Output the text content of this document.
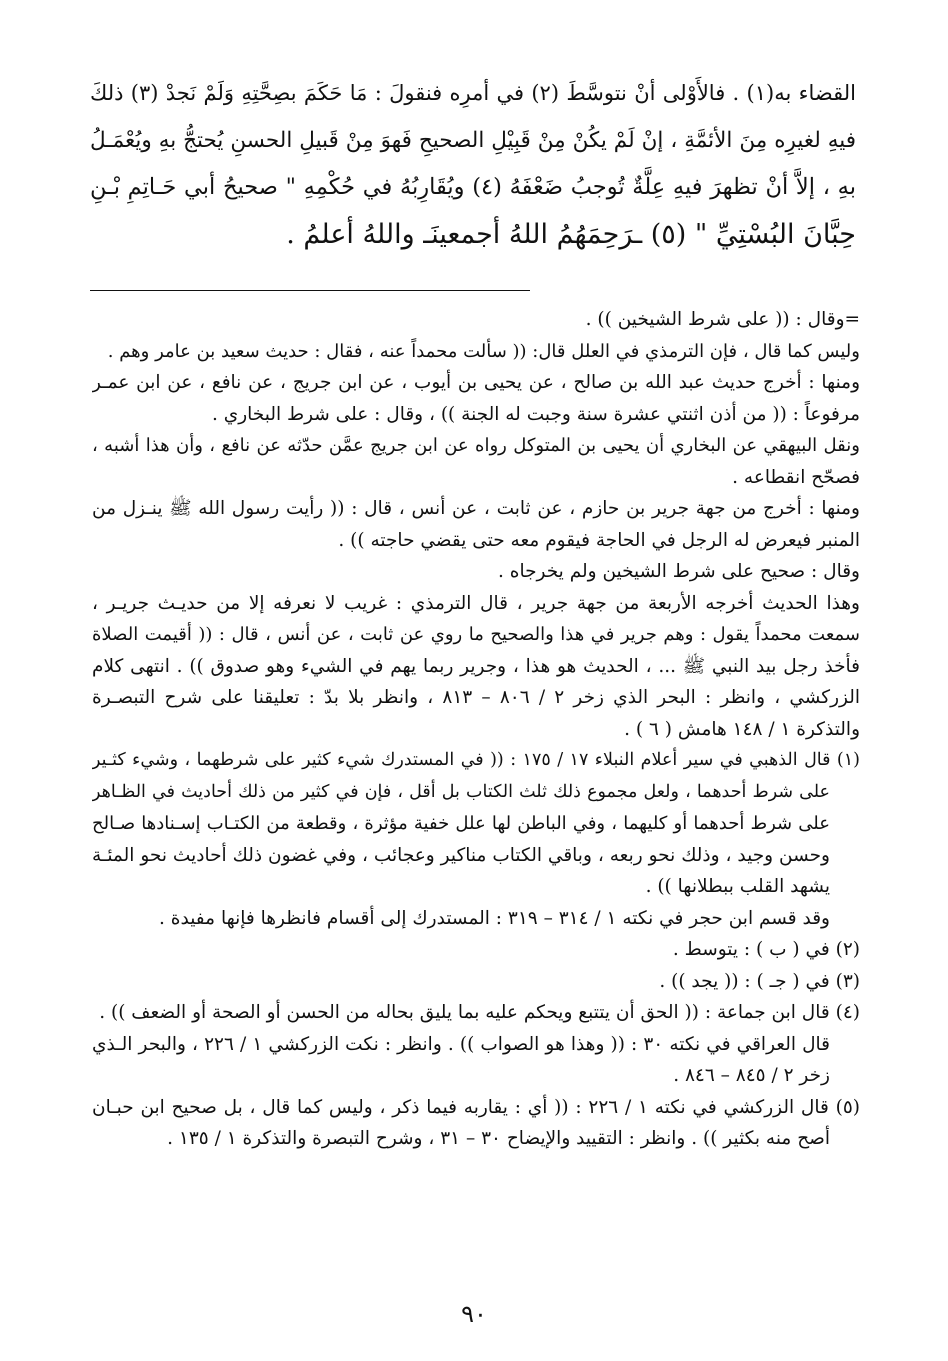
القضاء به(١) . فالأَوْلى أنْ نتوسَّطَ (٢) في أمرِه فنقولَ : مَا حَكَمَ بصِحَّتِهِ وَلَمْ نَجدْ (٣) ذلكَ
فيهِ لغيرِه مِنَ الأئمَّةِ ، إنْ لَمْ يكُنْ مِنْ قَبِيْلِ الصحيحِ فَهوَ مِنْ قَبيلِ الحسنِ يُحتجُّ بهِ ويُعْمَـلُ
بهِ ، إلاَّ أنْ تظهرَ فيهِ عِلَّةٌ تُوجبُ ضَعْفَهُ (٤) ويُقَارِبُهُ في حُكْمِهِ " صحيحُ أبي حَـاتِمِ بْـنِ
حِبَّانَ البُسْتِيِّ " (٥) ـرَحِمَهُمُ اللهُ أجمعينَـ واللهُ أعلمُ .
=وقال : (( على شرط الشيخين )) .
وليس كما قال ، فإن الترمذي في العلل قال: (( سألت محمداً عنه ، فقال : حديث سعيد بن عامر وهم .
ومنها : أخرج حديث عبد الله بن صالح ، عن يحيى بن أيوب ، عن ابن جريج ، عن نافع ، عن ابن عمـر
مرفوعاً : (( من أذن اثنتي عشرة سنة وجبت له الجنة )) ، وقال : على شرط البخاري .
ونقل البيهقي عن البخاري أن يحيى بن المتوكل رواه عن ابن جريج عمَّن حدّثه عن نافع ، وأن هذا أشبه ،
فصحّح انقطاعه .
ومنها : أخرج من جهة جرير بن حازم ، عن ثابت ، عن أنس ، قال : (( رأيت رسول الله ﷺ ينـزل من
المنبر فيعرض له الرجل في الحاجة فيقوم معه حتى يقضي حاجته )) .
وقال : صحيح على شرط الشيخين ولم يخرجاه .
وهذا الحديث أخرجه الأربعة من جهة جرير ، قال الترمذي : غريب لا نعرفه إلا من حديـث جريـر ،
سمعت محمداً يقول : وهم جرير في هذا والصحيح ما روي عن ثابت ، عن أنس ، قال : (( أقيمت الصلاة
فأخذ رجل بيد النبي ﷺ ... ، الحديث هو هذا ، وجرير ربما يهم في الشيء وهو صدوق )) . انتهى كلام
الزركشي ، وانظر : البحر الذي زخر ٢ / ٨٠٦ – ٨١٣ ، وانظر بلا بدّ : تعليقنا على شرح التبصـرة
والتذكرة ١ / ١٤٨ هامش ( ٦ ) .
(١) قال الذهبي في سير أعلام النبلاء ١٧ / ١٧٥ : (( في المستدرك شيء كثير على شرطهما ، وشيء كثـير
على شرط أحدهما ، ولعل مجموع ذلك ثلث الكتاب بل أقل ، فإن في كثير من ذلك أحاديث في الظـاهر
على شرط أحدهما أو كليهما ، وفي الباطن لها علل خفية مؤثرة ، وقطعة من الكتـاب إسـنادها صـالح
وحسن وجيد ، وذلك نحو ربعه ، وباقي الكتاب مناكير وعجائب ، وفي غضون ذلك أحاديث نحو المئـة
يشهد القلب ببطلانها )) .
وقد قسم ابن حجر في نكته ١ / ٣١٤ – ٣١٩ : المستدرك إلى أقسام فانظرها فإنها مفيدة .
(٢) في ( ب ) : يتوسط .
(٣) في ( جـ ) : (( يجد )) .
(٤) قال ابن جماعة : (( الحق أن يتتبع ويحكم عليه بما يليق بحاله من الحسن أو الصحة أو الضعف )) .
قال العراقي في نكته ٣٠ : (( وهذا هو الصواب )) . وانظر : نكت الزركشي ١ / ٢٢٦ ، والبحر الـذي
زخر ٢ / ٨٤٥ – ٨٤٦ .
(٥) قال الزركشي في نكته ١ / ٢٢٦ : (( أي : يقاربه فيما ذكر ، وليس كما قال ، بل صحيح ابن حبـان
أصح منه بكثير )) . وانظر : التقييد والإيضاح ٣٠ – ٣١ ، وشرح التبصرة والتذكرة ١ / ١٣٥ .
٩٠
